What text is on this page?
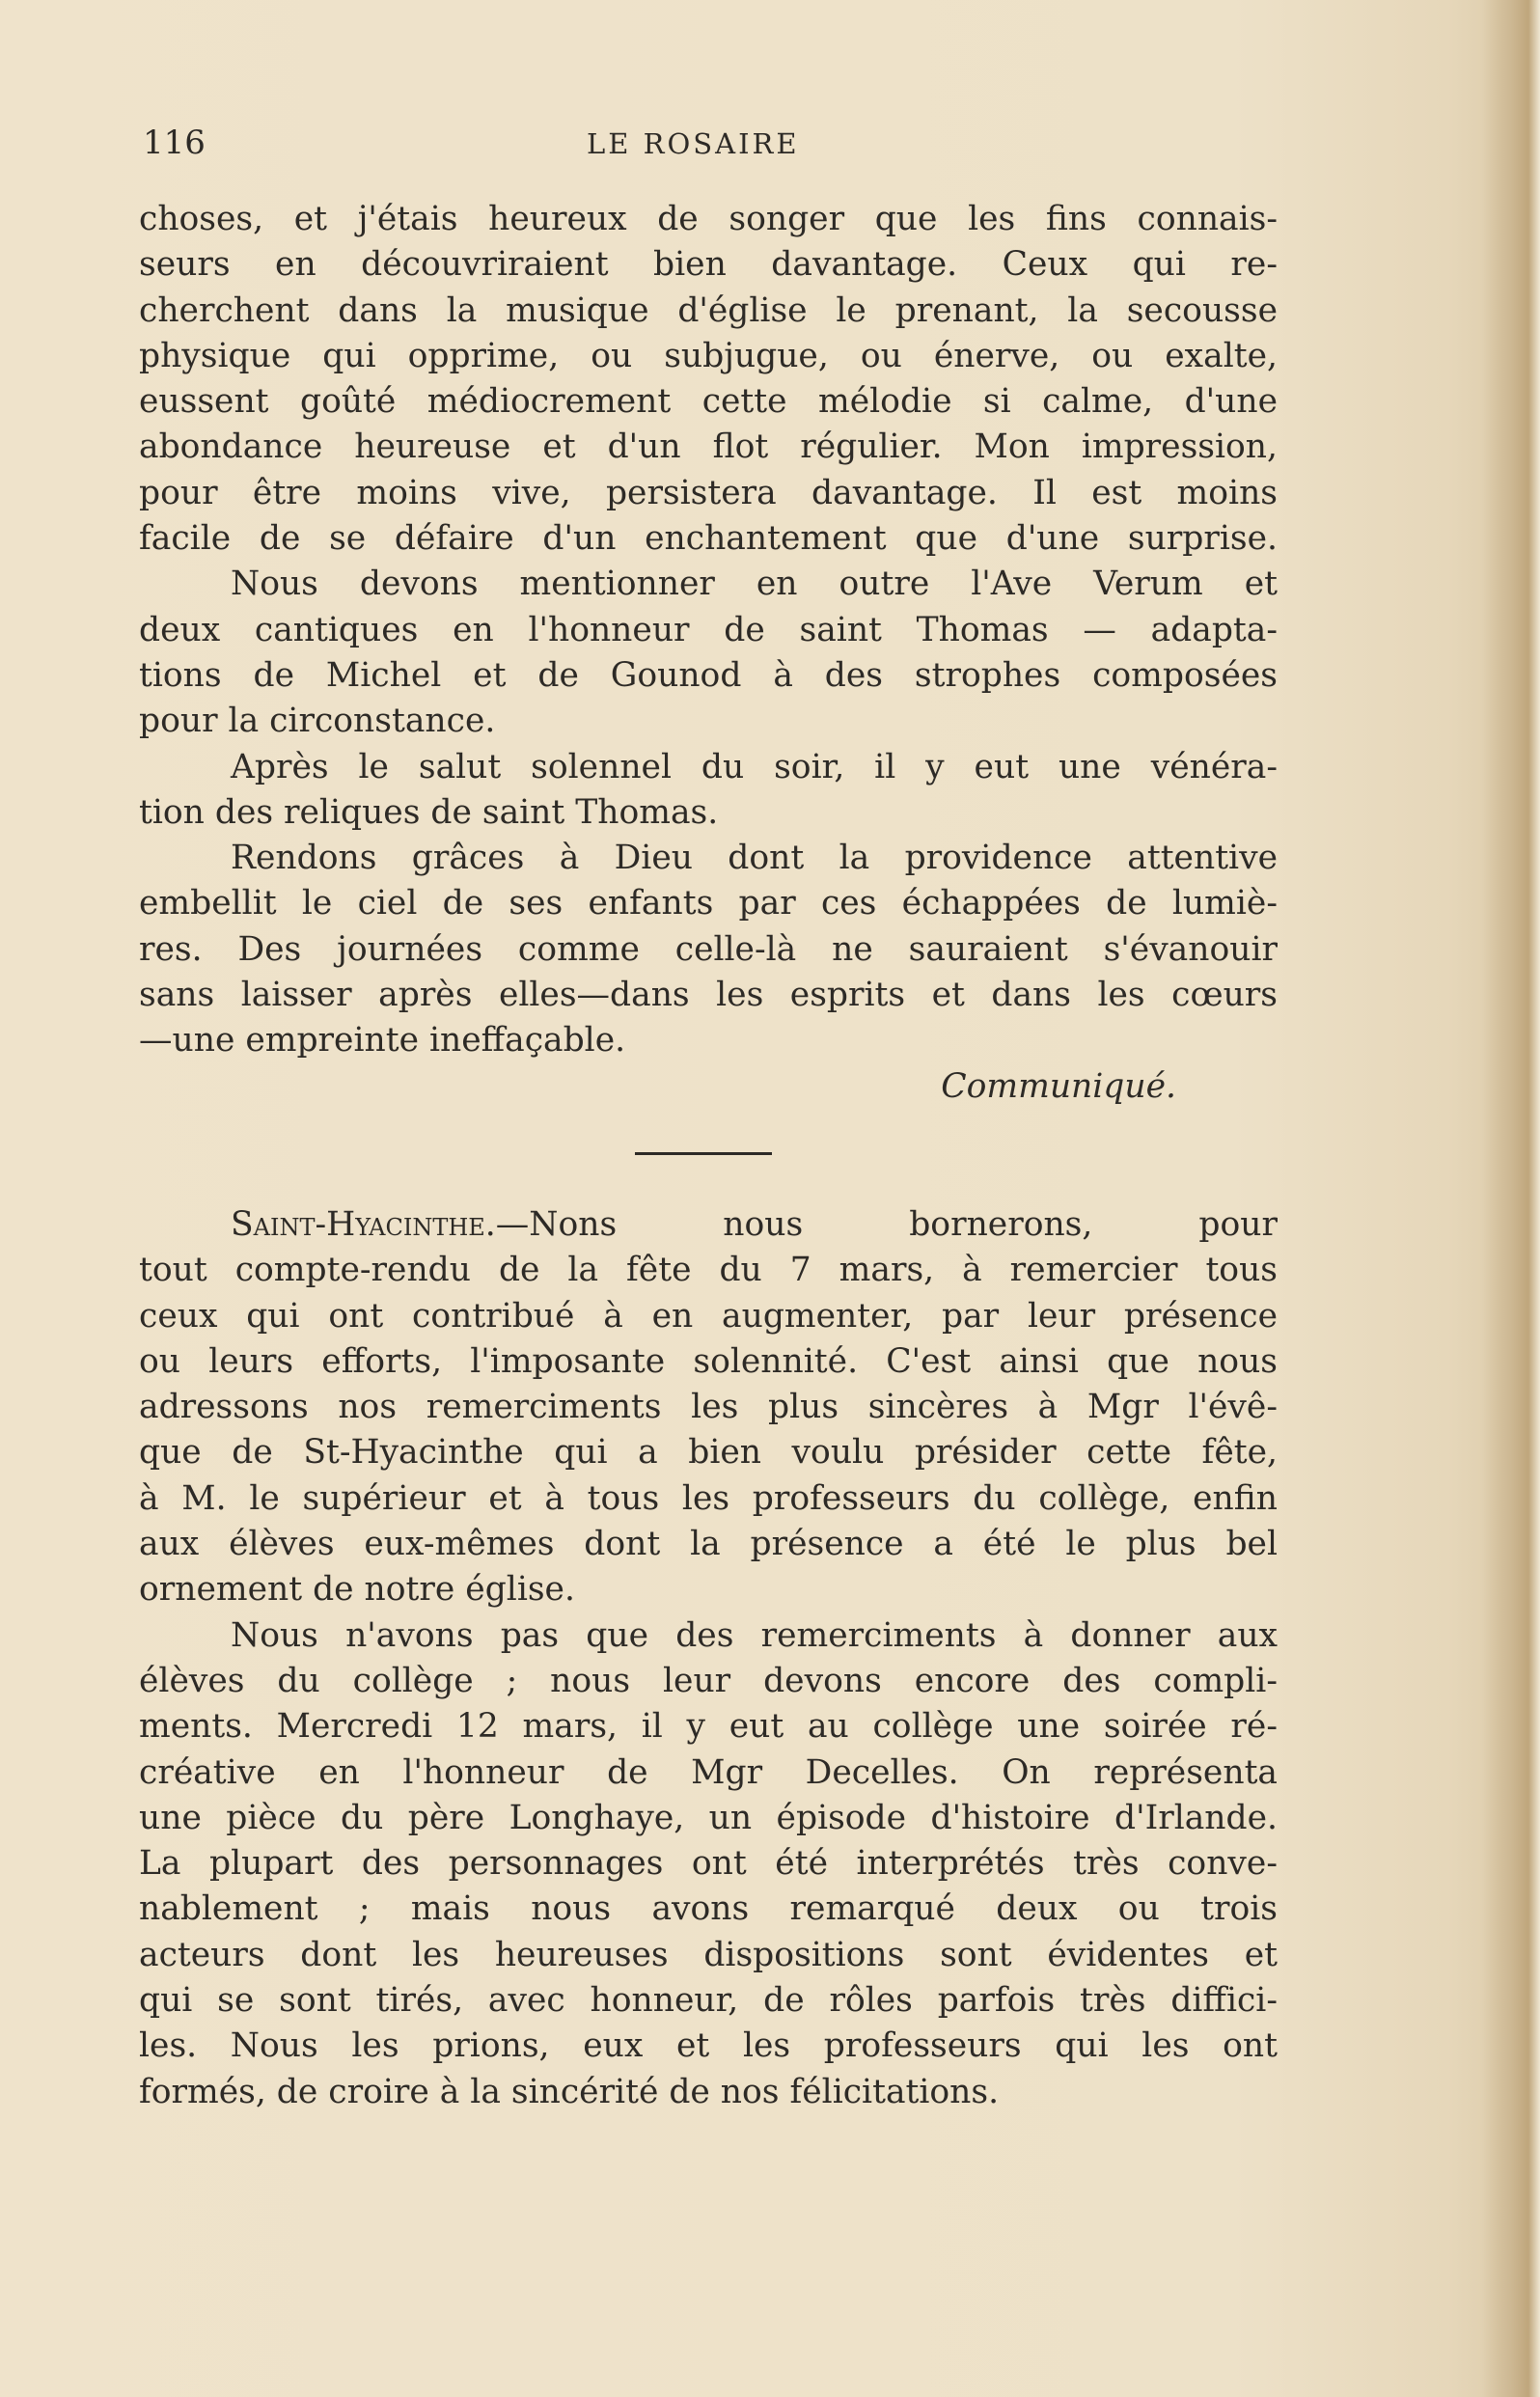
116	LE ROSAIRE
choses, et j'étais heureux de songer que les fins connais-
seurs en découvriraient bien davantage. Ceux qui re-
cherchent dans la musique d'église le prenant, la secousse
physique qui opprime, ou subjugue, ou énerve, ou exalte,
eussent goûté médiocrement cette mélodie si calme, d'une
abondance heureuse et d'un flot régulier. Mon impression,
pour être moins vive, persistera davantage. Il est moins
facile de se défaire d'un enchantement que d'une surprise.
Nous devons mentionner en outre l'Ave Verum et
deux cantiques en l'honneur de saint Thomas — adapta-
tions de Michel et de Gounod à des strophes composées
pour la circonstance.
Après le salut solennel du soir, il y eut une vénéra-
tion des reliques de saint Thomas.
Rendons grâces à Dieu dont la providence attentive
embellit le ciel de ses enfants par ces échappées de lumiè-
res. Des journées comme celle-là ne sauraient s'évanouir
sans laisser après elles—dans les esprits et dans les cœurs
—une empreinte ineffaçable.
Communiqué.
Saint-Hyacinthe.—Nons nous bornerons, pour
tout compte-rendu de la fête du 7 mars, à remercier tous
ceux qui ont contribué à en augmenter, par leur présence
ou leurs efforts, l'imposante solennité. C'est ainsi que nous
adressons nos remerciments les plus sincères à Mgr l'évê-
que de St-Hyacinthe qui a bien voulu présider cette fête,
à M. le supérieur et à tous les professeurs du collège, enfin
aux élèves eux-mêmes dont la présence a été le plus bel
ornement de notre église.
Nous n'avons pas que des remerciments à donner aux
élèves du collège ; nous leur devons encore des compli-
ments. Mercredi 12 mars, il y eut au collège une soirée ré-
créative en l'honneur de Mgr Decelles. On représenta
une pièce du père Longhaye, un épisode d'histoire d'Irlande.
La plupart des personnages ont été interprétés très conve-
nablement ; mais nous avons remarqué deux ou trois
acteurs dont les heureuses dispositions sont évidentes et
qui se sont tirés, avec honneur, de rôles parfois très diffici-
les. Nous les prions, eux et les professeurs qui les ont
formés, de croire à la sincérité de nos félicitations.
